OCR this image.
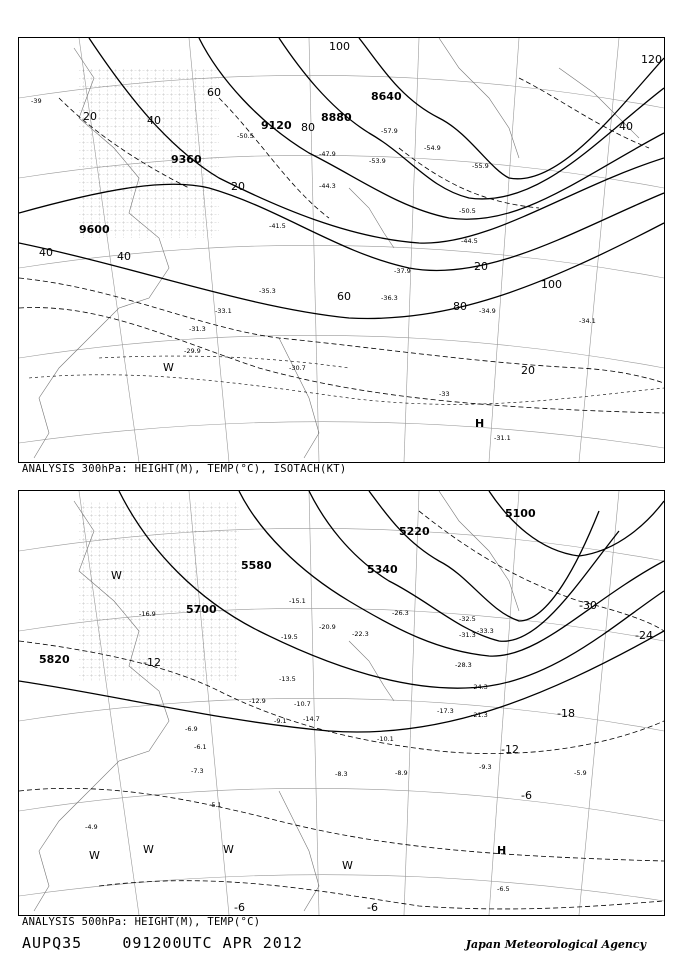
9600
9360
9120
8880
8640
20	40
60
80
100
120
20
40
60
80
100
20
40
40
20
-39
-41.5
-44.3
-47.9
-50.5
-53.9
-57.9
-54.9
-55.9
-50.5
-44.5
-37.9
-35.3
-33.1	-34.9
-36.3
-29.9
-31.3
-30.7
-31.1
-34.1
-33
H
W
ANALYSIS 300hPa: HEIGHT(M), TEMP(°C), ISOTACH(KT)
5820
5700
5580	5340
5220
5100
-12
-30
-24
-18
-12
-6
-6	-6
-16.9
-15.1
-19.5
-20.9
-22.3
-26.3
-33.3
-32.5
-31.3
-28.3
-24.3
-21.3
-17.3
-14.7
-10.1
-9.3
-8.9
-8.3	-5.9
-5.1
-4.9
-6.5
-7.3
-6.1
-6.9
-9.1
-10.7
-13.5
-12.9
H
W	W	W
W
W
ANALYSIS 500hPa: HEIGHT(M), TEMP(°C)
AUPQ35	091200UTC APR 2012	Japan Meteorological Agency
